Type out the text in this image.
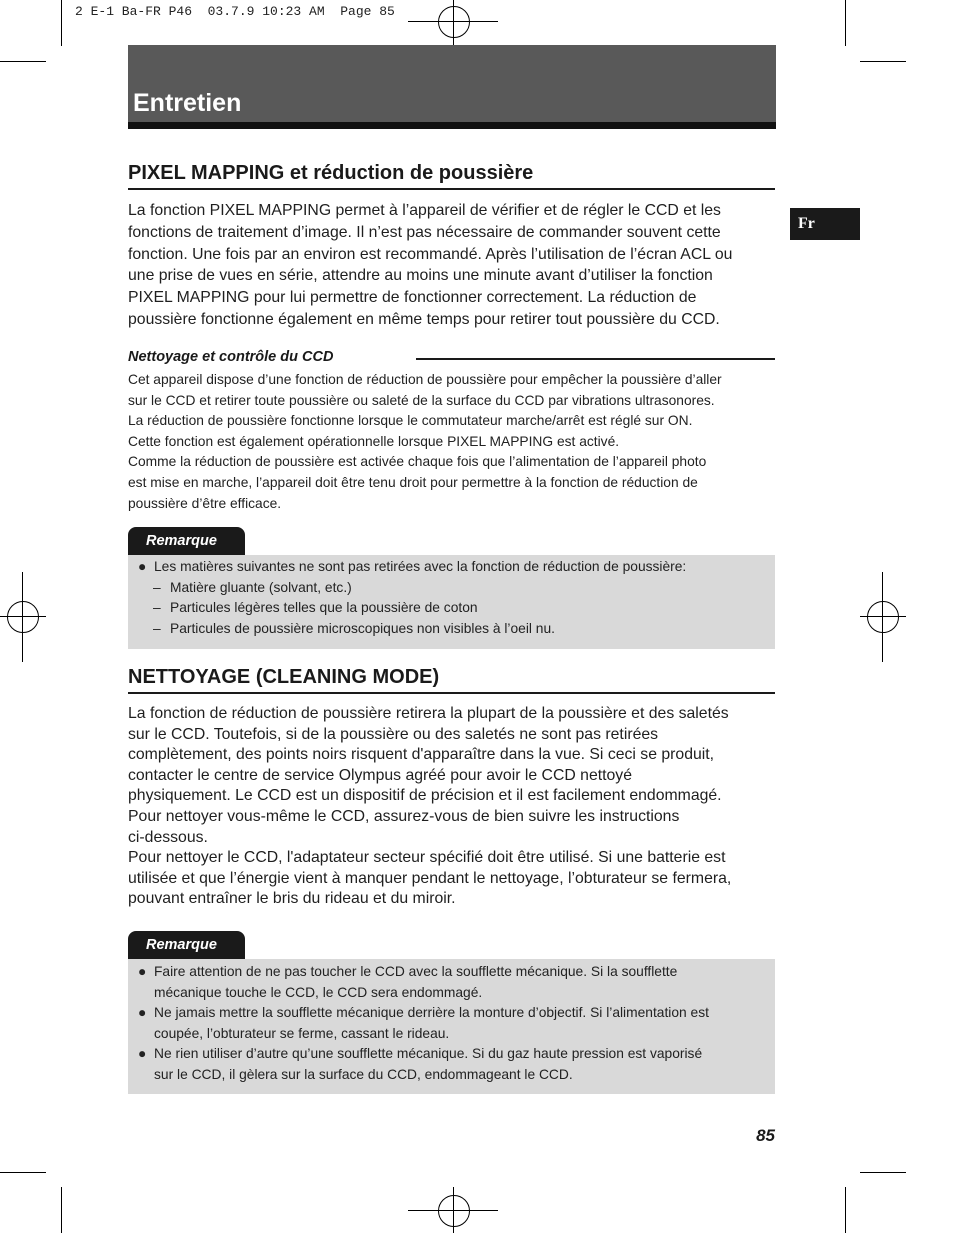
2 E-1 Ba-FR P46  03.7.9 10:23 AM  Page 85
Entretien
Fr
PIXEL MAPPING et réduction de poussière

La fonction PIXEL MAPPING permet à l’appareil de vérifier et de régler le CCD et les
fonctions de traitement d’image. Il n’est pas nécessaire de commander souvent cette
fonction. Une fois par an environ est recommandé. Après l’utilisation de l’écran ACL ou
une prise de vues en série, attendre au moins une minute avant d’utiliser la fonction
PIXEL MAPPING pour lui permettre de fonctionner correctement. La réduction de
poussière fonctionne également en même temps pour retirer tout poussière du CCD.

Nettoyage et contrôle du CCD

Cet appareil dispose d’une fonction de réduction de poussière pour empêcher la poussière d’aller
sur le CCD et retirer toute poussière ou saleté de la surface du CCD par vibrations ultrasonores.
La réduction de poussière fonctionne lorsque le commutateur marche/arrêt est réglé sur ON.
Cette fonction est également opérationnelle lorsque PIXEL MAPPING est activé.
Comme la réduction de poussière est activée chaque fois que l’alimentation de l’appareil photo
est mise en marche, l’appareil doit être tenu droit pour permettre à la fonction de réduction de
poussière d’être efficace.

Remarque
● Les matières suivantes ne sont pas retirées avec la fonction de réduction de poussière:
– Matière gluante (solvant, etc.)
– Particules légères telles que la poussière de coton
– Particules de poussière microscopiques non visibles à l’oeil nu.
NETTOYAGE (CLEANING MODE)

La fonction de réduction de poussière retirera la plupart de la poussière et des saletés
sur le CCD. Toutefois, si de la poussière ou des saletés ne sont pas retirées
complètement, des points noirs risquent d'apparaître dans la vue. Si ceci se produit,
contacter le centre de service Olympus agréé pour avoir le CCD nettoyé
physiquement. Le CCD est un dispositif de précision et il est facilement endommagé.
Pour nettoyer vous-même le CCD, assurez-vous de bien suivre les instructions
ci-dessous.
Pour nettoyer le CCD, l'adaptateur secteur spécifié doit être utilisé. Si une batterie est
utilisée et que l’énergie vient à manquer pendant le nettoyage, l’obturateur se fermera,
pouvant entraîner le bris du rideau et du miroir.

Remarque
● Faire attention de ne pas toucher le CCD avec la soufflette mécanique. Si la soufflette
mécanique touche le CCD, le CCD sera endommagé.
● Ne jamais mettre la soufflette mécanique derrière la monture d’objectif. Si l’alimentation est
coupée, l’obturateur se ferme, cassant le rideau.
● Ne rien utiliser d’autre qu’une soufflette mécanique. Si du gaz haute pression est vaporisé
sur le CCD, il gèlera sur la surface du CCD, endommageant le CCD.
85
